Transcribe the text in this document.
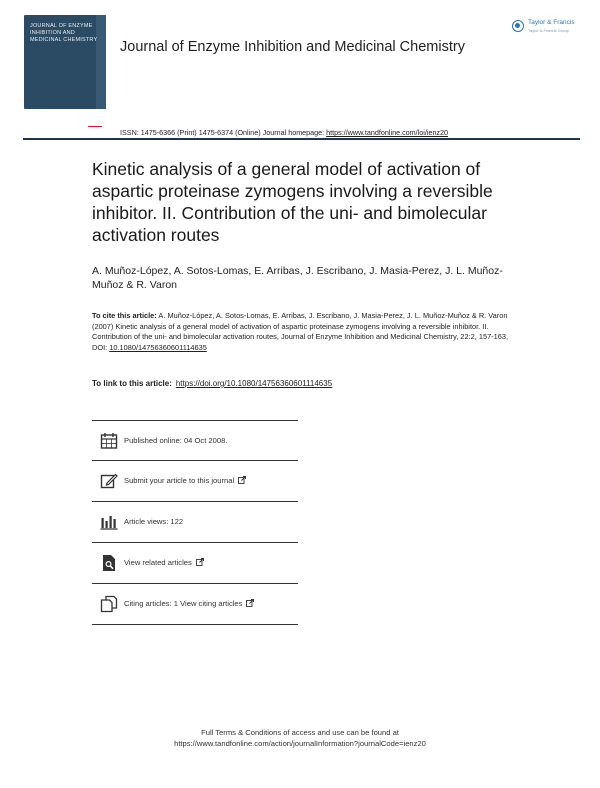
JOURNAL OF ENZYME
INHIBITION AND
MEDICINAL CHEMISTRY Journal of Enzyme Inhibition and Medicinal Chemistry
Taylor & Francis
Taylor & Francis Group
ISSN: 1475-6366 (Print) 1475-6374 (Online) Journal homepage: https://www.tandfonline.com/loi/ienz20
Kinetic analysis of a general model of activation of aspartic proteinase zymogens involving a reversible inhibitor. II. Contribution of the uni- and bimolecular activation routes
A. Muñoz-López, A. Sotos-Lomas, E. Arribas, J. Escribano, J. Masia-Perez, J. L. Muñoz-Muñoz & R. Varon
To cite this article: A. Muñoz-López, A. Sotos-Lomas, E. Arribas, J. Escribano, J. Masia-Perez, J. L. Muñoz-Muñoz & R. Varon (2007) Kinetic analysis of a general model of activation of aspartic proteinase zymogens involving a reversible inhibitor. II. Contribution of the uni- and bimolecular activation routes, Journal of Enzyme Inhibition and Medicinal Chemistry, 22:2, 157-163, DOI: 10.1080/14756360601114635
To link to this article: https://doi.org/10.1080/14756360601114635
Published online: 04 Oct 2008.
Submit your article to this journal
Article views: 122
View related articles
Citing articles: 1 View citing articles
Full Terms & Conditions of access and use can be found at
https://www.tandfonline.com/action/journalInformation?journalCode=ienz20
